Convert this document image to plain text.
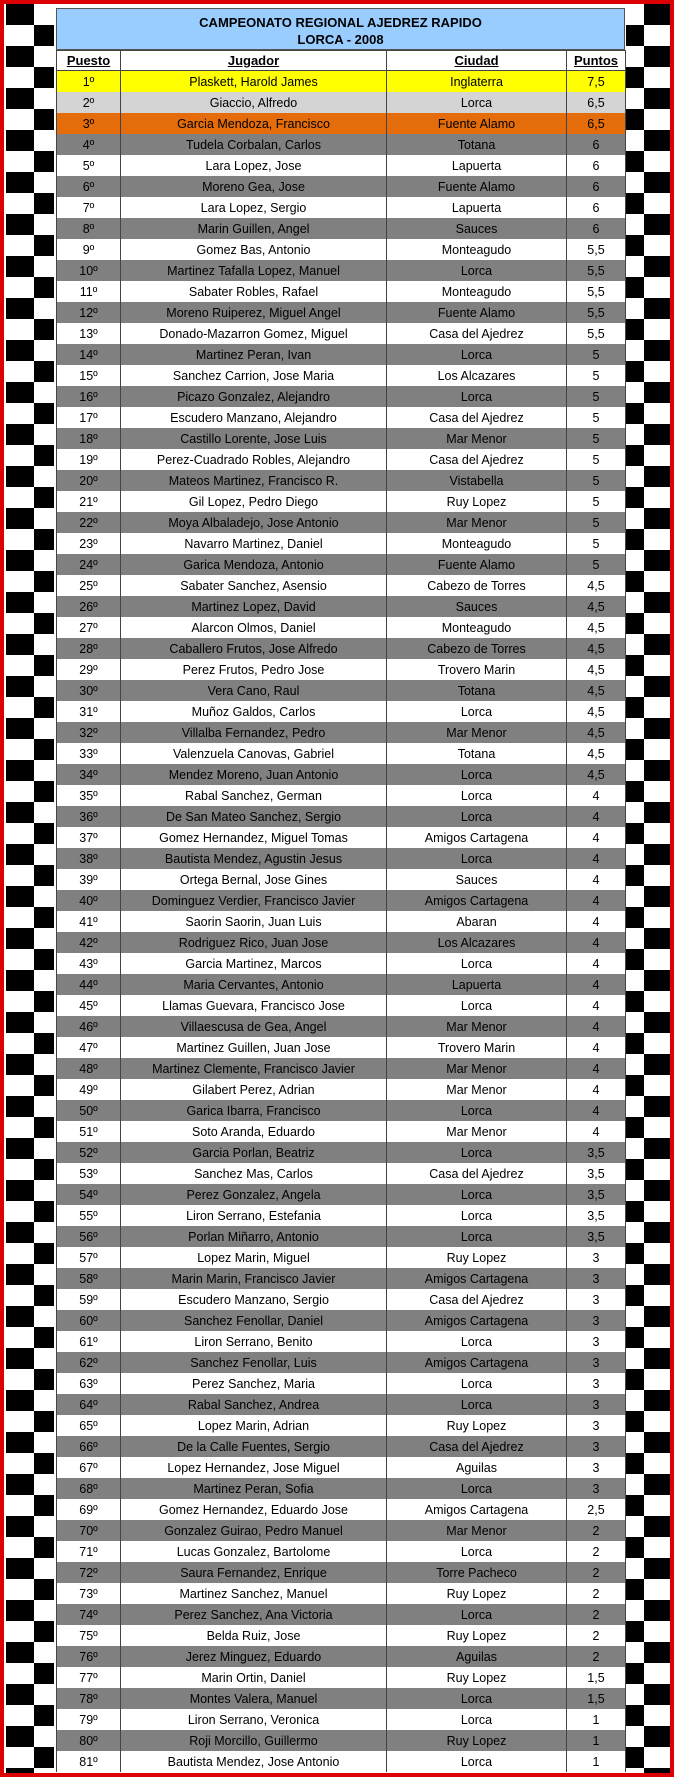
CAMPEONATO REGIONAL AJEDREZ RAPIDO
LORCA - 2008
Puesto	Jugador	Ciudad	Puntos
1º	Plaskett, Harold James	Inglaterra	7,5
2º	Giaccio, Alfredo	Lorca	6,5
3º	Garcia Mendoza, Francisco	Fuente Alamo	6,5
4º	Tudela Corbalan, Carlos	Totana	6
5º	Lara Lopez, Jose	Lapuerta	6
6º	Moreno Gea, Jose	Fuente Alamo	6
7º	Lara Lopez, Sergio	Lapuerta	6
8º	Marin Guillen, Angel	Sauces	6
9º	Gomez Bas, Antonio	Monteagudo	5,5
10º	Martinez Tafalla Lopez, Manuel	Lorca	5,5
11º	Sabater Robles, Rafael	Monteagudo	5,5
12º	Moreno Ruiperez, Miguel Angel	Fuente Alamo	5,5
13º	Donado-Mazarron Gomez, Miguel	Casa del Ajedrez	5,5
14º	Martinez Peran, Ivan	Lorca	5
15º	Sanchez Carrion, Jose Maria	Los Alcazares	5
16º	Picazo Gonzalez, Alejandro	Lorca	5
17º	Escudero Manzano, Alejandro	Casa del Ajedrez	5
18º	Castillo Lorente, Jose Luis	Mar Menor	5
19º	Perez-Cuadrado Robles, Alejandro	Casa del Ajedrez	5
20º	Mateos Martinez, Francisco R.	Vistabella	5
21º	Gil Lopez, Pedro Diego	Ruy Lopez	5
22º	Moya Albaladejo, Jose Antonio	Mar Menor	5
23º	Navarro Martinez, Daniel	Monteagudo	5
24º	Garica Mendoza, Antonio	Fuente Alamo	5
25º	Sabater Sanchez, Asensio	Cabezo de Torres	4,5
26º	Martinez Lopez, David	Sauces	4,5
27º	Alarcon Olmos, Daniel	Monteagudo	4,5
28º	Caballero Frutos, Jose Alfredo	Cabezo de Torres	4,5
29º	Perez Frutos, Pedro Jose	Trovero Marin	4,5
30º	Vera Cano, Raul	Totana	4,5
31º	Muñoz Galdos, Carlos	Lorca	4,5
32º	Villalba Fernandez, Pedro	Mar Menor	4,5
33º	Valenzuela Canovas, Gabriel	Totana	4,5
34º	Mendez Moreno, Juan Antonio	Lorca	4,5
35º	Rabal Sanchez, German	Lorca	4
36º	De San Mateo Sanchez, Sergio	Lorca	4
37º	Gomez Hernandez, Miguel Tomas	Amigos Cartagena	4
38º	Bautista Mendez, Agustin Jesus	Lorca	4
39º	Ortega Bernal, Jose Gines	Sauces	4
40º	Dominguez Verdier, Francisco Javier	Amigos Cartagena	4
41º	Saorin Saorin, Juan Luis	Abaran	4
42º	Rodriguez Rico, Juan Jose	Los Alcazares	4
43º	Garcia Martinez, Marcos	Lorca	4
44º	Maria Cervantes, Antonio	Lapuerta	4
45º	Llamas Guevara, Francisco Jose	Lorca	4
46º	Villaescusa de Gea, Angel	Mar Menor	4
47º	Martinez Guillen, Juan Jose	Trovero Marin	4
48º	Martinez Clemente, Francisco Javier	Mar Menor	4
49º	Gilabert Perez, Adrian	Mar Menor	4
50º	Garica Ibarra, Francisco	Lorca	4
51º	Soto Aranda, Eduardo	Mar Menor	4
52º	Garcia Porlan, Beatriz	Lorca	3,5
53º	Sanchez Mas, Carlos	Casa del Ajedrez	3,5
54º	Perez Gonzalez, Angela	Lorca	3,5
55º	Liron Serrano, Estefania	Lorca	3,5
56º	Porlan Miñarro, Antonio	Lorca	3,5
57º	Lopez Marin, Miguel	Ruy Lopez	3
58º	Marin Marin, Francisco Javier	Amigos Cartagena	3
59º	Escudero Manzano, Sergio	Casa del Ajedrez	3
60º	Sanchez Fenollar, Daniel	Amigos Cartagena	3
61º	Liron Serrano, Benito	Lorca	3
62º	Sanchez Fenollar, Luis	Amigos Cartagena	3
63º	Perez Sanchez, Maria	Lorca	3
64º	Rabal Sanchez, Andrea	Lorca	3
65º	Lopez Marin, Adrian	Ruy Lopez	3
66º	De la Calle Fuentes, Sergio	Casa del Ajedrez	3
67º	Lopez Hernandez, Jose Miguel	Aguilas	3
68º	Martinez Peran, Sofia	Lorca	3
69º	Gomez Hernandez, Eduardo Jose	Amigos Cartagena	2,5
70º	Gonzalez Guirao, Pedro Manuel	Mar Menor	2
71º	Lucas Gonzalez, Bartolome	Lorca	2
72º	Saura Fernandez, Enrique	Torre Pacheco	2
73º	Martinez Sanchez, Manuel	Ruy Lopez	2
74º	Perez Sanchez, Ana Victoria	Lorca	2
75º	Belda Ruiz, Jose	Ruy Lopez	2
76º	Jerez Minguez, Eduardo	Aguilas	2
77º	Marin Ortin, Daniel	Ruy Lopez	1,5
78º	Montes Valera, Manuel	Lorca	1,5
79º	Liron Serrano, Veronica	Lorca	1
80º	Roji Morcillo, Guillermo	Ruy Lopez	1
81º	Bautista Mendez, Jose Antonio	Lorca	1
